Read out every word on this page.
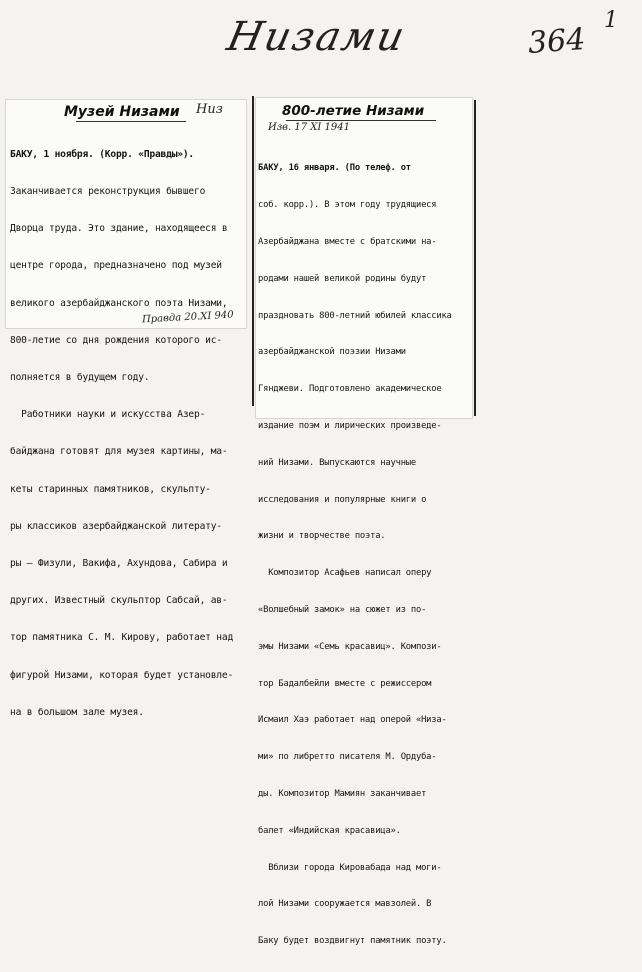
Низами	364
1
Музей Низами Низ

БАКУ, 1 ноября. (Корр. «Правды»).

Заканчивается реконструкция бывшего

Дворца труда. Это здание, находящееся в

центре города, предназначено под музей

великого азербайджанского поэта Низами,

800-летие со дня рождения которого ис-

полняется в будущем году.

Работники науки и искусства Азер-

байджана готовят для музея картины, ма-

кеты старинных памятников, скульпту-

ры классиков азербайджанской литерату-

ры — Физули, Вакифа, Ахундова, Сабира и

других. Известный скульптор Сабсай, ав-

тор памятника С. М. Кирову, работает над

фигурой Низами, которая будет установле-

на в большом зале музея.

Правда 20.XI 940
800-летие Низами
Изв. 17 XI 1941

БАКУ, 16 января. (По телеф. от

соб. корр.). В этом году трудящиеся

Азербайджана вместе с братскими на-

родами нашей великой родины будут

праздновать 800-летний юбилей классика

азербайджанской поэзии Низами

Гянджеви. Подготовлено академическое

издание поэм и лирических произведе-

ний Низами. Выпускаются научные

исследования и популярные книги о

жизни и творчестве поэта.

Композитор Асафьев написал оперу

«Волшебный замок» на сюжет из по-

эмы Низами «Семь красавиц». Компози-

тор Бадалбейли вместе с режиссером

Исмаил Хаэ работает над оперой «Низа-

ми» по либретто писателя М. Ордуба-

ды. Композитор Мамиян заканчивает

балет «Индийская красавица».

Вблизи города Кировабада над моги-

лой Низами сооружается мавзолей. В

Баку будет воздвигнут памятник поэту.
